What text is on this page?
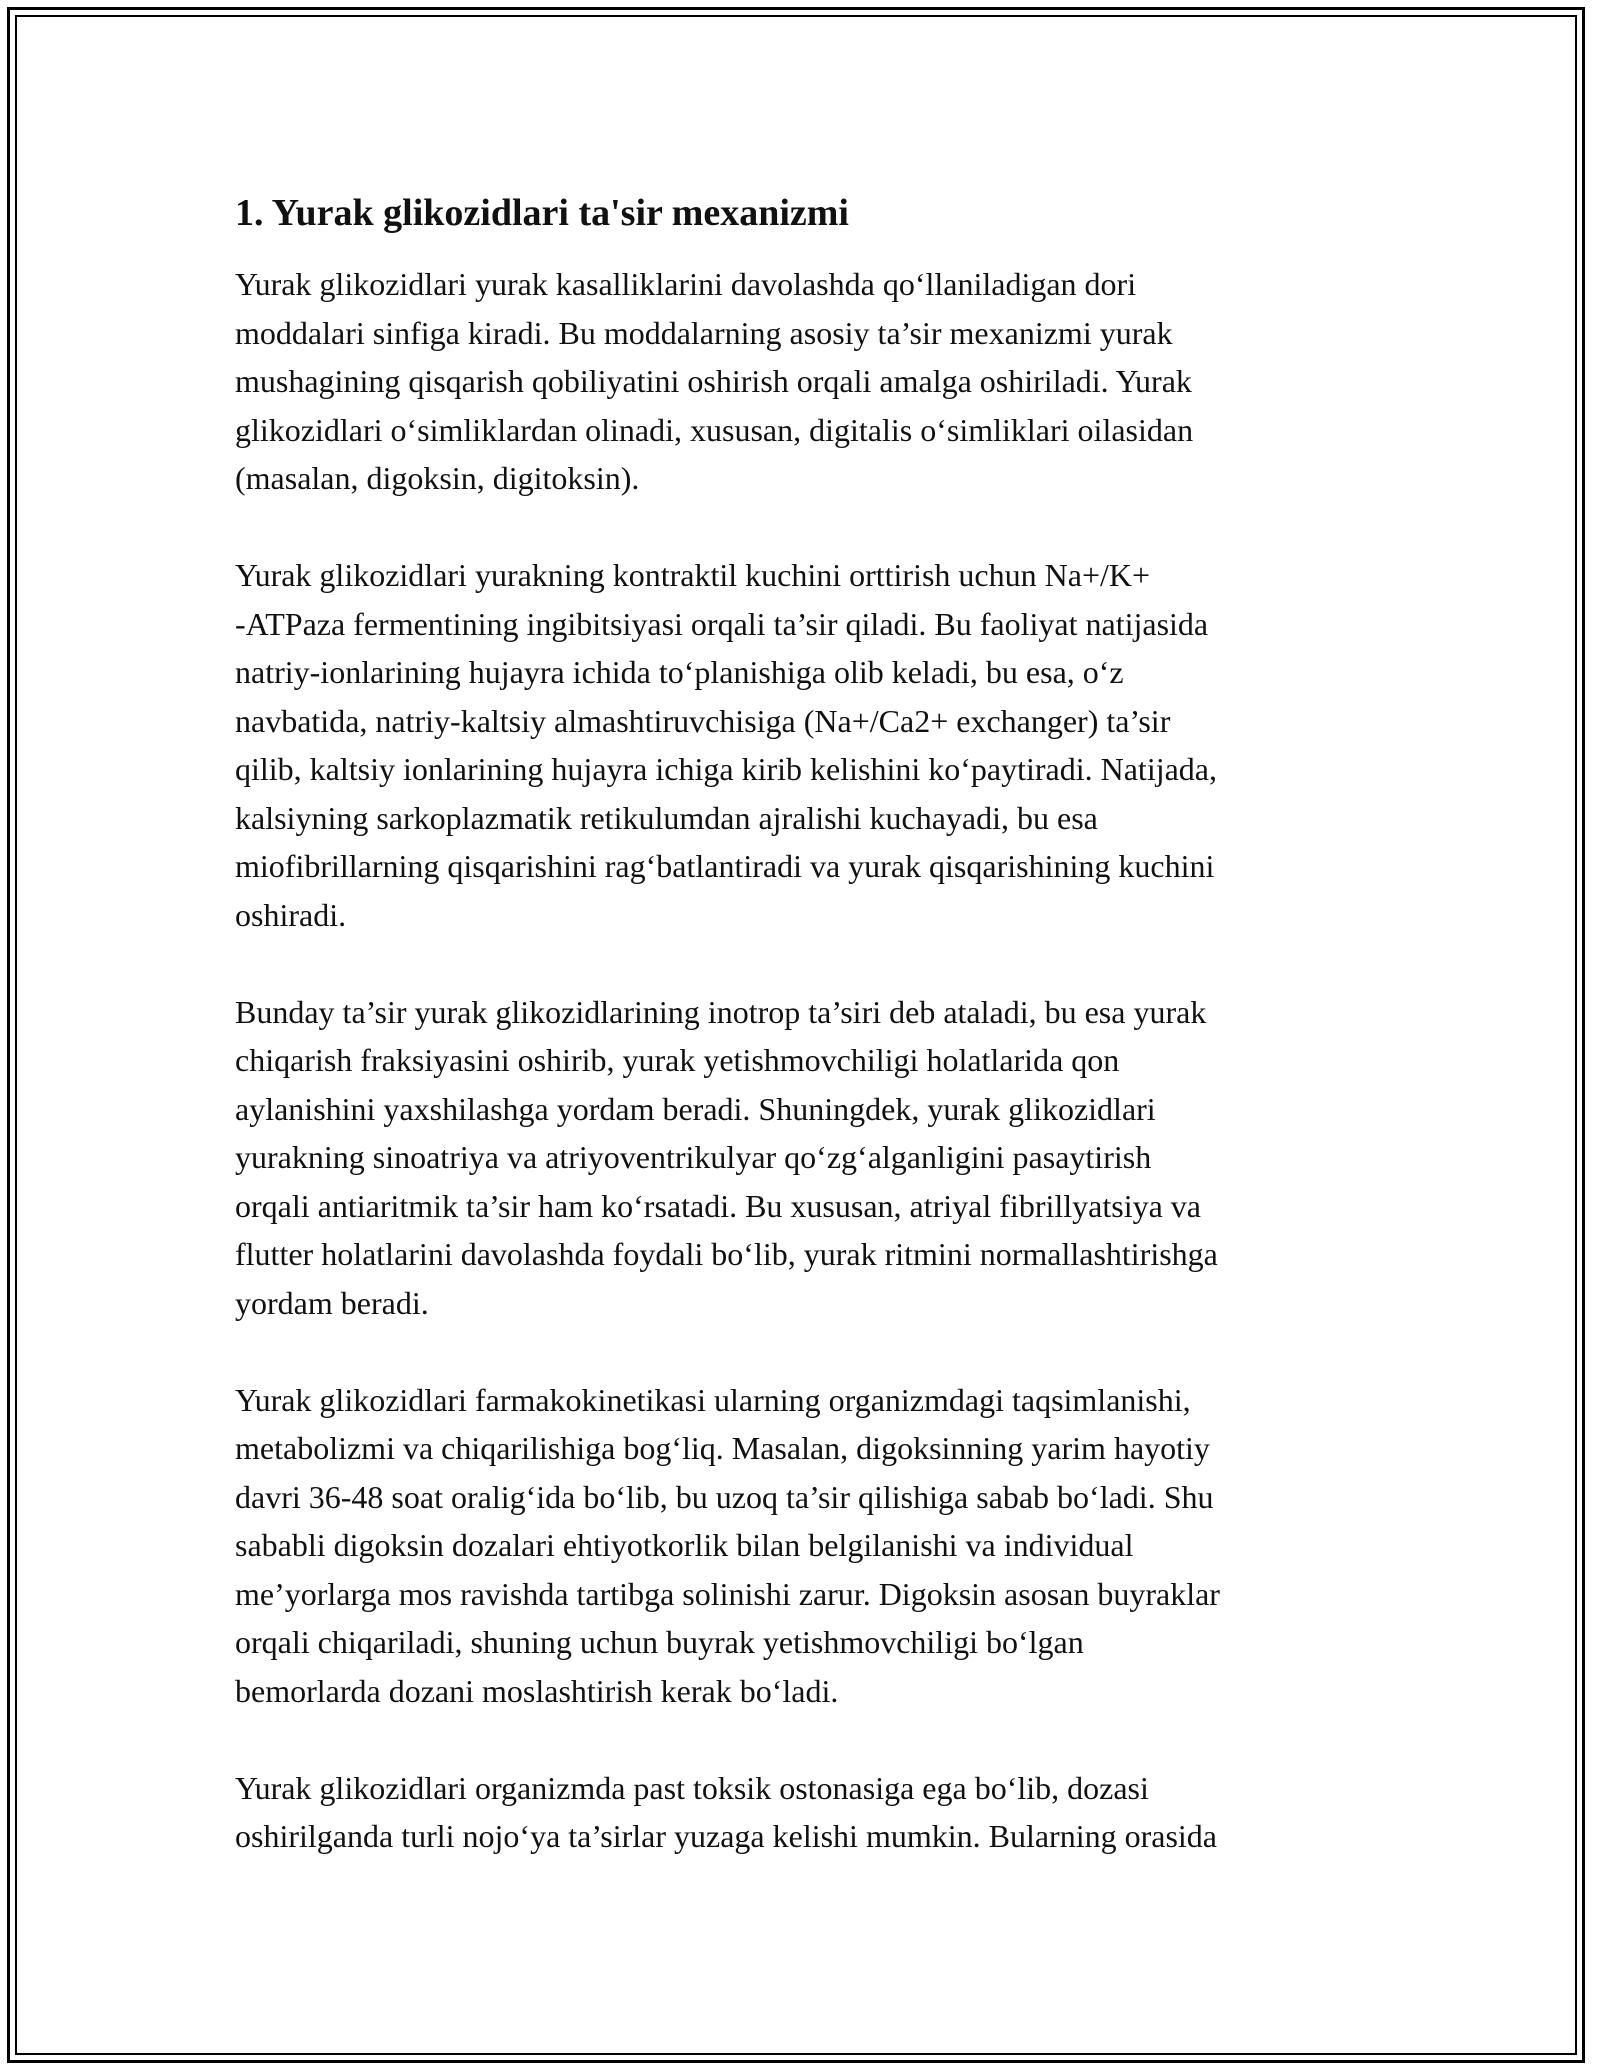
1. Yurak glikozidlari ta'sir mexanizmi

Yurak glikozidlari yurak kasalliklarini davolashda qo‘llaniladigan dori
moddalari sinfiga kiradi. Bu moddalarning asosiy ta’sir mexanizmi yurak
mushagining qisqarish qobiliyatini oshirish orqali amalga oshiriladi. Yurak
glikozidlari o‘simliklardan olinadi, xususan, digitalis o‘simliklari oilasidan
(masalan, digoksin, digitoksin).

Yurak glikozidlari yurakning kontraktil kuchini orttirish uchun Na+/K+
-ATPaza fermentining ingibitsiyasi orqali ta’sir qiladi. Bu faoliyat natijasida
natriy-ionlarining hujayra ichida to‘planishiga olib keladi, bu esa, o‘z
navbatida, natriy-kaltsiy almashtiruvchisiga (Na+/Ca2+ exchanger) ta’sir
qilib, kaltsiy ionlarining hujayra ichiga kirib kelishini ko‘paytiradi. Natijada,
kalsiyning sarkoplazmatik retikulumdan ajralishi kuchayadi, bu esa
miofibrillarning qisqarishini rag‘batlantiradi va yurak qisqarishining kuchini
oshiradi.

Bunday ta’sir yurak glikozidlarining inotrop ta’siri deb ataladi, bu esa yurak
chiqarish fraksiyasini oshirib, yurak yetishmovchiligi holatlarida qon
aylanishini yaxshilashga yordam beradi. Shuningdek, yurak glikozidlari
yurakning sinoatriya va atriyoventrikulyar qo‘zg‘alganligini pasaytirish
orqali antiaritmik ta’sir ham ko‘rsatadi. Bu xususan, atriyal fibrillyatsiya va
flutter holatlarini davolashda foydali bo‘lib, yurak ritmini normallashtirishga
yordam beradi.

Yurak glikozidlari farmakokinetikasi ularning organizmdagi taqsimlanishi,
metabolizmi va chiqarilishiga bog‘liq. Masalan, digoksinning yarim hayotiy
davri 36-48 soat oralig‘ida bo‘lib, bu uzoq ta’sir qilishiga sabab bo‘ladi. Shu
sababli digoksin dozalari ehtiyotkorlik bilan belgilanishi va individual
me’yorlarga mos ravishda tartibga solinishi zarur. Digoksin asosan buyraklar
orqali chiqariladi, shuning uchun buyrak yetishmovchiligi bo‘lgan
bemorlarda dozani moslashtirish kerak bo‘ladi.

Yurak glikozidlari organizmda past toksik ostonasiga ega bo‘lib, dozasi
oshirilganda turli nojo‘ya ta’sirlar yuzaga kelishi mumkin. Bularning orasida
